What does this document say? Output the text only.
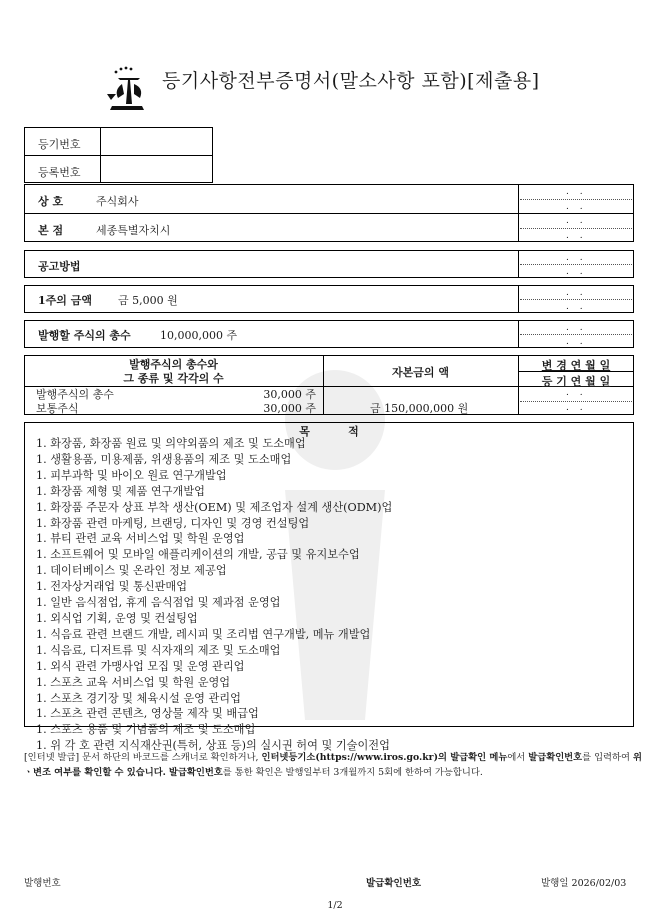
등기사항전부증명서(말소사항 포함)[제출용]
등기번호
등록번호
상 호	주식회사
본 점	세종특별자치시
. .
. .
. .
. .
공고방법
. .
. .
1주의 금액 금 5,000 원
. .
. .
발행할 주식의 총수	10,000,000 주
. .
. .
발행주식의 총수와
그 종류 및 각각의 수	자본금의 액
변 경 연 월 일
등 기 연 월 일
발행주식의 총수	30,000 주
보통주식	30,000 주	금 150,000,000 원
. .
. .
목          적
1. 화장품, 화장품 원료 및 의약외품의 제조 및 도소매업
1. 생활용품, 미용제품, 위생용품의 제조 및 도소매업
1. 피부과학 및 바이오 원료 연구개발업
1. 화장품 제형 및 제품 연구개발업
1. 화장품 주문자 상표 부착 생산(OEM) 및 제조업자 설계 생산(ODM)업
1. 화장품 관련 마케팅, 브랜딩, 디자인 및 경영 컨설팅업
1. 뷰티 관련 교육 서비스업 및 학원 운영업
1. 소프트웨어 및 모바일 애플리케이션의 개발, 공급 및 유지보수업
1. 데이터베이스 및 온라인 정보 제공업
1. 전자상거래업 및 통신판매업
1. 일반 음식점업, 휴게 음식점업 및 제과점 운영업
1. 외식업 기획, 운영 및 컨설팅업
1. 식음료 관련 브랜드 개발, 레시피 및 조리법 연구개발, 메뉴 개발업
1. 식음료, 디저트류 및 식자재의 제조 및 도소매업
1. 외식 관련 가맹사업 모집 및 운영 관리업
1. 스포츠 교육 서비스업 및 학원 운영업
1. 스포츠 경기장 및 체육시설 운영 관리업
1. 스포츠 관련 콘텐츠, 영상물 제작 및 배급업
1. 스포츠 용품 및 기념품의 제조 및 도소매업
1. 위 각 호 관련 지식재산권(특허, 상표 등)의 실시권 허여 및 기술이전업
[인터넷 발급] 문서 하단의 바코드를 스캐너로 확인하거나, 인터넷등기소(https://www.iros.go.kr)의 발급확인 메뉴에서 발급확인번호를 입력하여 위ㆍ변조 여부를 확인할 수 있습니다. 발급확인번호를 통한 확인은 발행일부터 3개월까지 5회에 한하여 가능합니다.
발행번호	발급확인번호	발행일 2026/02/03
1/2
